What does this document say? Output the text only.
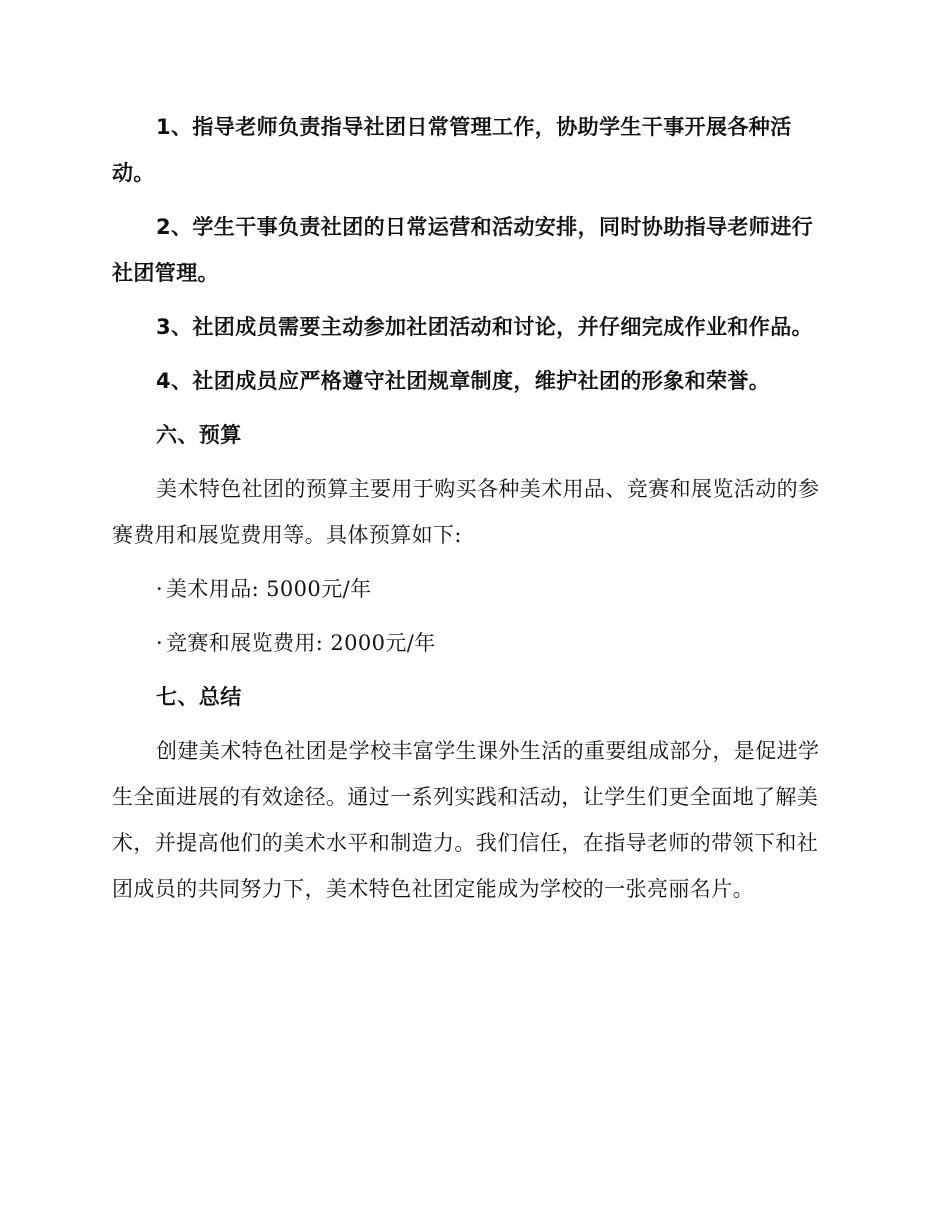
1、指导老师负责指导社团日常管理工作，协助学生干事开展各种活动。

2、学生干事负责社团的日常运营和活动安排，同时协助指导老师进行社团管理。

3、社团成员需要主动参加社团活动和讨论，并仔细完成作业和作品。

4、社团成员应严格遵守社团规章制度，维护社团的形象和荣誉。

六、预算

美术特色社团的预算主要用于购买各种美术用品、竞赛和展览活动的参赛费用和展览费用等。具体预算如下:

· 美术用品: 5000元/年

· 竞赛和展览费用: 2000元/年

七、总结

创建美术特色社团是学校丰富学生课外生活的重要组成部分，是促进学生全面进展的有效途径。通过一系列实践和活动，让学生们更全面地了解美术，并提高他们的美术水平和制造力。我们信任，在指导老师的带领下和社团成员的共同努力下，美术特色社团定能成为学校的一张亮丽名片。
